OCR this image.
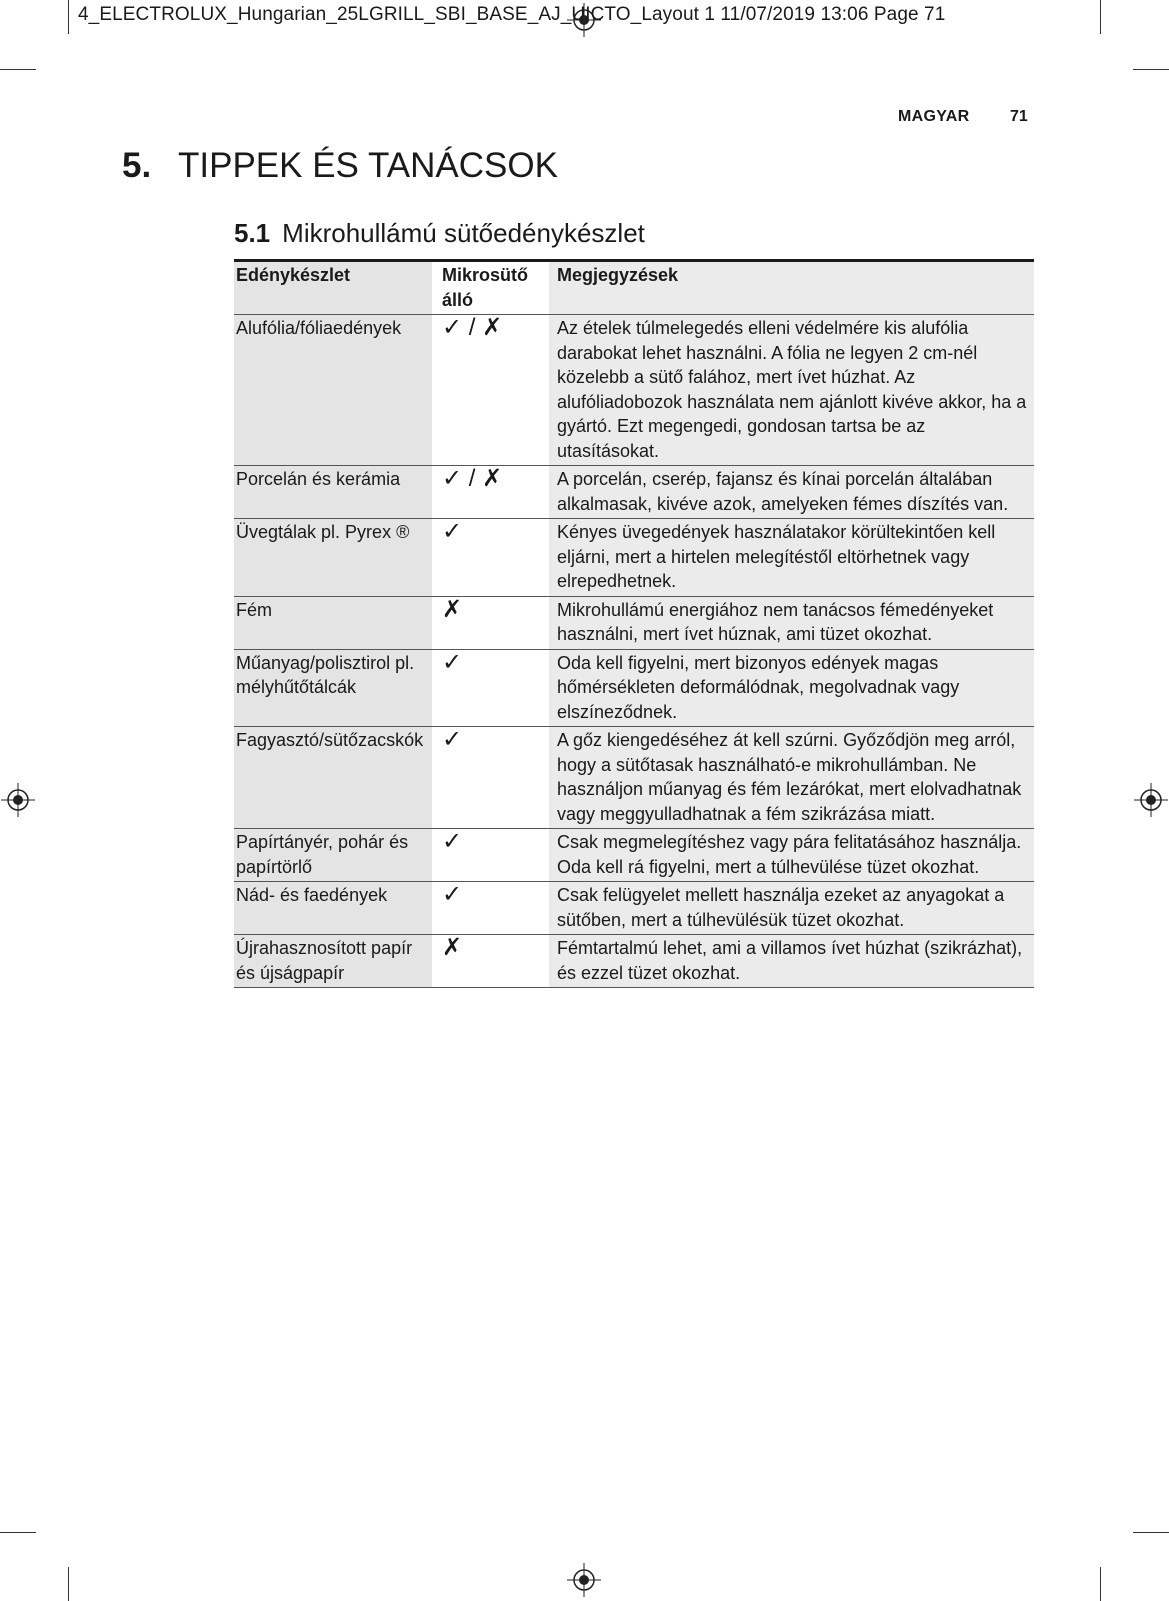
4_ELECTROLUX_Hungarian_25LGRILL_SBI_BASE_AJ_UICTO_Layout 1 11/07/2019 13:06 Page 71
MAGYAR	71
5. TIPPEK ÉS TANÁCSOK
5.1 Mikrohullámú sütőedénykészlet
Edénykészlet		Mikrosütő álló	Megjegyzések
Alufólia/fóliaedények		✓ / ✗	Az ételek túlmelegedés elleni védelmére kis alufólia darabokat lehet használni. A fólia ne legyen 2 cm-nél közelebb a sütő falához, mert ívet húzhat. Az alufóliadobozok használata nem ajánlott kivéve akkor, ha a gyártó. Ezt megengedi, gondosan tartsa be az utasításokat.
Porcelán és kerámia		✓ / ✗	A porcelán, cserép, fajansz és kínai porcelán általában alkalmasak, kivéve azok, amelyeken fémes díszítés van.
Üvegtálak pl. Pyrex ®		✓	Kényes üvegedények használatakor körültekintően kell eljárni, mert a hirtelen melegítéstől eltörhetnek vagy elrepedhetnek.
Fém		✗	Mikrohullámú energiához nem tanácsos fémedényeket használni, mert ívet húznak, ami tüzet okozhat.
Műanyag/polisztirol pl. mélyhűtőtálcák		✓	Oda kell figyelni, mert bizonyos edények magas hőmérsékleten deformálódnak, megolvadnak vagy elszíneződnek.
Fagyasztó/sütőzacskók		✓	A gőz kiengedéséhez át kell szúrni. Győződjön meg arról, hogy a sütőtasak használható-e mikrohullámban. Ne használjon műanyag és fém lezárókat, mert elolvadhatnak vagy meggyulladhatnak a fém szikrázása miatt.
Papírtányér, pohár és papírtörlő		✓	Csak megmelegítéshez vagy pára felitatásához használja. Oda kell rá figyelni, mert a túlhevülése tüzet okozhat.
Nád- és faedények		✓	Csak felügyelet mellett használja ezeket az anyagokat a sütőben, mert a túlhevülésük tüzet okozhat.
Újrahasznosított papír és újságpapír		✗	Fémtartalmú lehet, ami a villamos ívet húzhat (szikrázhat), és ezzel tüzet okozhat.
